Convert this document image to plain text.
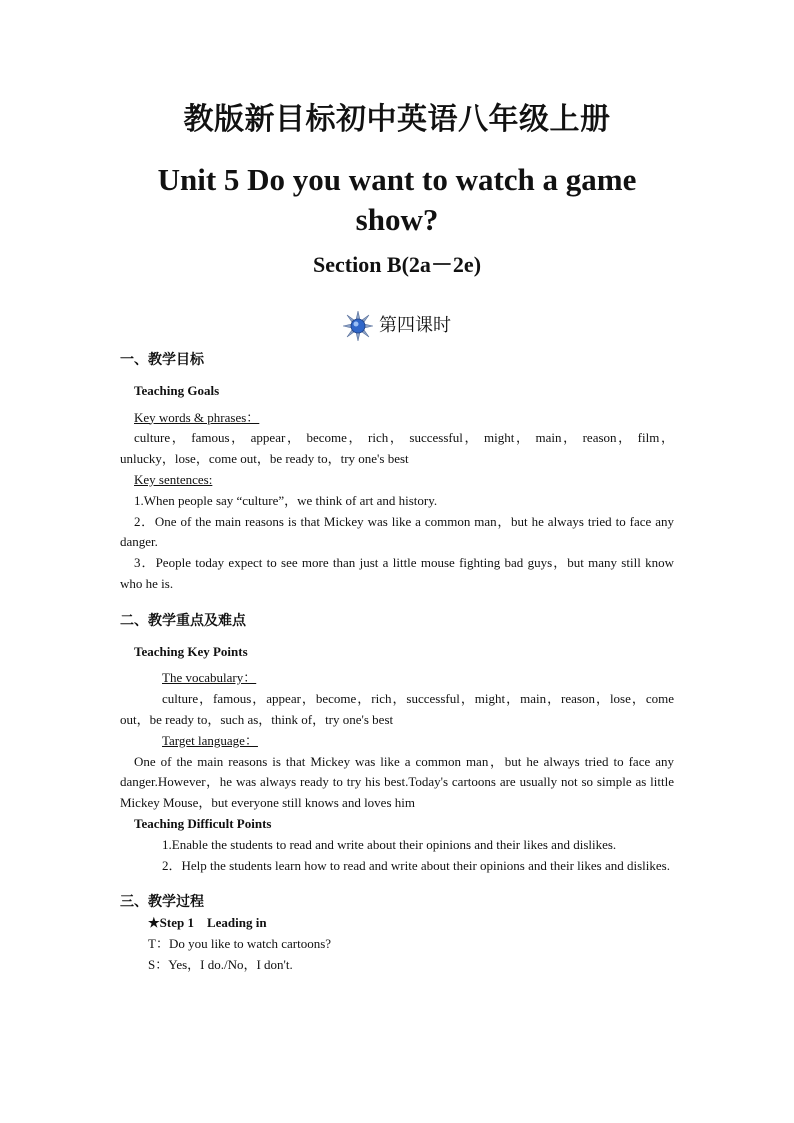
教版新目标初中英语八年级上册
Unit 5 Do you want to watch a game show?
Section B(2a－2e)
第四课时
一、教学目标
Teaching Goals
Key words & phrases：
culture， famous， appear， become， rich， successful， might， main， reason， film， unlucky，lose，come out，be ready to，try one's best
Key sentences:
1.When people say “culture”，we think of art and history.
2．One of the main reasons is that Mickey was like a common man，but he always tried to face any danger.
3．People today expect to see more than just a little mouse fighting bad guys，but many still know who he is.
二、教学重点及难点
Teaching Key Points
The vocabulary：
culture，famous，appear，become，rich，successful，might，main，reason，lose，come out，be ready to，such as，think of，try one's best
Target language：
One of the main reasons is that Mickey was like a common man，but he always tried to face any danger.However，he was always ready to try his best.Today's cartoons are usually not so simple as little Mickey Mouse，but everyone still knows and loves him
Teaching Difficult Points
1.Enable the students to read and write about their opinions and their likes and dislikes.
2．Help the students learn how to read and write about their opinions and their likes and dislikes.
三、教学过程
★Step 1　Leading in
T：Do you like to watch cartoons?
S：Yes，I do./No，I don't.
